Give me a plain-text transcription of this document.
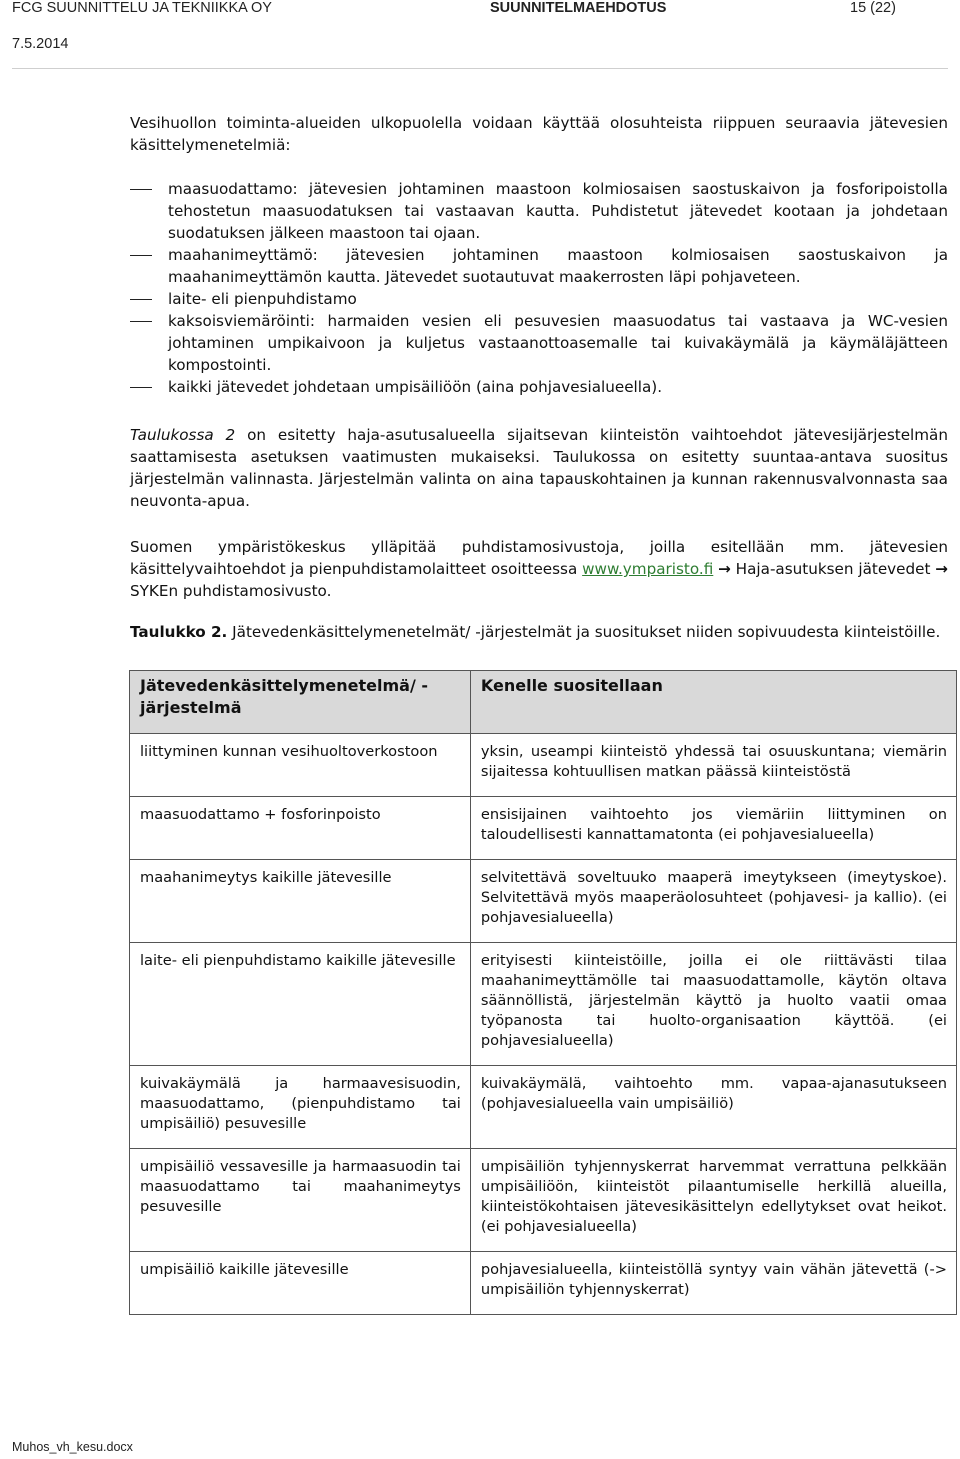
FCG SUUNNITTELU JA TEKNIIKKA OY	SUUNNITELMAEHDOTUS	15 (22)
7.5.2014
Vesihuollon toiminta-alueiden ulkopuolella voidaan käyttää olosuhteista riippuen seuraavia jätevesien käsittelymenetelmiä:
maasuodattamo: jätevesien johtaminen maastoon kolmiosaisen saostuskaivon ja fosforipoistolla tehostetun maasuodatuksen tai vastaavan kautta. Puhdistetut jätevedet kootaan ja johdetaan suodatuksen jälkeen maastoon tai ojaan.
maahanimeyttämö: jätevesien johtaminen maastoon kolmiosaisen saostuskaivon ja maahanimeyttämön kautta. Jätevedet suotautuvat maakerrosten läpi pohjaveteen.
laite- eli pienpuhdistamo
kaksoisviemäröinti: harmaiden vesien eli pesuvesien maasuodatus tai vastaava ja WC-vesien johtaminen umpikaivoon ja kuljetus vastaanottoasemalle tai kuivakäymälä ja käymäläjätteen kompostointi.
kaikki jätevedet johdetaan umpisäiliöön (aina pohjavesialueella).
Taulukossa 2 on esitetty haja-asutusalueella sijaitsevan kiinteistön vaihtoehdot jätevesijärjestelmän saattamisesta asetuksen vaatimusten mukaiseksi. Taulukossa on esitetty suuntaa-antava suositus järjestelmän valinnasta. Järjestelmän valinta on aina tapauskohtainen ja kunnan rakennusvalvonnasta saa neuvonta-apua.
Suomen ympäristökeskus ylläpitää puhdistamosivustoja, joilla esitellään mm. jätevesien käsittelyvaihtoehdot ja pienpuhdistamolaitteet osoitteessa www.ymparisto.fi → Haja-asutuksen jätevedet → SYKEn puhdistamosivusto.
Taulukko 2. Jätevedenkäsittelymenetelmät/ -järjestelmät ja suositukset niiden sopivuudesta kiinteistöille.
Jätevedenkäsittelymenetelmä/ -järjestelmä	Kenelle suositellaan
liittyminen kunnan vesihuoltoverkostoon	yksin, useampi kiinteistö yhdessä tai osuuskuntana; viemärin sijaitessa kohtuullisen matkan päässä kiinteistöstä
maasuodattamo + fosforinpoisto	ensisijainen vaihtoehto jos viemäriin liittyminen on taloudellisesti kannattamatonta (ei pohjavesialueella)
maahanimeytys kaikille jätevesille	selvitettävä soveltuuko maaperä imeytykseen (imeytyskoe). Selvitettävä myös maaperäolosuhteet (pohjavesi- ja kallio). (ei pohjavesialueella)
laite- eli pienpuhdistamo kaikille jätevesille	erityisesti kiinteistöille, joilla ei ole riittävästi tilaa maahanimeyttämölle tai maasuodattamolle, käytön oltava säännöllistä, järjestelmän käyttö ja huolto vaatii omaa työpanosta tai huolto-organisaation käyttöä. (ei pohjavesialueella)
kuivakäymälä ja harmaavesisuodin, maasuodattamo, (pienpuhdistamo tai umpisäiliö) pesuvesille	kuivakäymälä, vaihtoehto mm. vapaa-ajanasutukseen (pohjavesialueella vain umpisäiliö)
umpisäiliö vessavesille ja harmaasuodin tai maasuodattamo tai maahanimeytys pesuvesille	umpisäiliön tyhjennyskerrat harvemmat verrattuna pelkkään umpisäiliöön, kiinteistöt pilaantumiselle herkillä alueilla, kiinteistökohtaisen jätevesikäsittelyn edellytykset ovat heikot. (ei pohjavesialueella)
umpisäiliö kaikille jätevesille	pohjavesialueella, kiinteistöllä syntyy vain vähän jätevettä (-> umpisäiliön tyhjennyskerrat)
Muhos_vh_kesu.docx
